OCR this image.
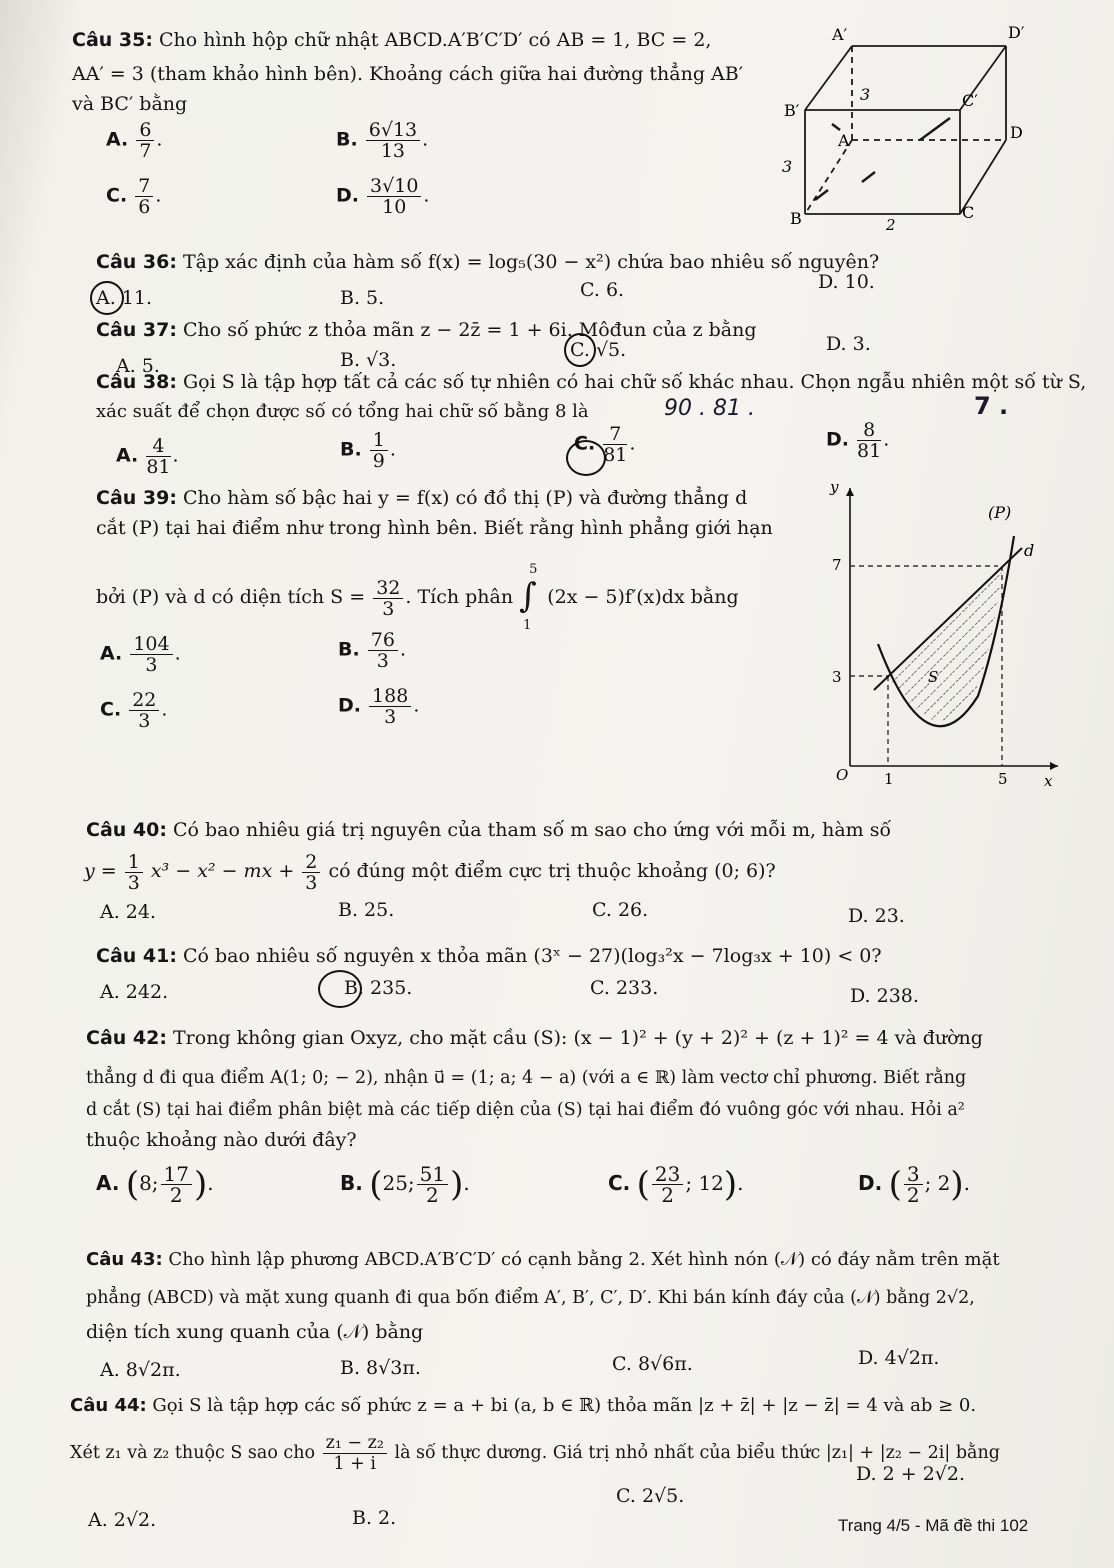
Câu 35: Cho hình hộp chữ nhật ABCD.A′B′C′D′ có AB = 1, BC = 2,
AA′ = 3 (tham khảo hình bên). Khoảng cách giữa hai đường thẳng AB′
và BC′ bằng
A. $\frac{6}{7}$ .	B. $\frac{6√13}{13}$ .
C. $\frac{7}{6}$ .	D. $\frac{3√10}{10}$ .
A′	D′
B′
C′
A	D
B	C
3
3
2
Câu 36: Tập xác định của hàm số f(x) = log₅(30 − x²) chứa bao nhiêu số nguyên?
A. 11.	B. 5.	C. 6.	D. 10.
Câu 37: Cho số phức z thỏa mãn z − 2z̄ = 1 + 6i. Môđun của z bằng
A. 5.	B. √3.	C. √5.	D. 3.
Câu 38: Gọi S là tập hợp tất cả các số tự nhiên có hai chữ số khác nhau. Chọn ngẫu nhiên một số từ S,
xác suất để chọn được số có tổng hai chữ số bằng 8 là	90 . 81 .	7 .
A. $\frac{4}{81}$ .	B. $\frac{1}{9}$ .	C. $\frac{7}{81}$ .	D. $\frac{8}{81}$ .
Câu 39: Cho hàm số bậc hai y = f(x) có đồ thị (P) và đường thẳng d
cắt (P) tại hai điểm như trong hình bên. Biết rằng hình phẳng giới hạn
bởi (P) và d có diện tích $S = \frac{32}{3}$ . Tích phân ∫
5
1
(2x − 5)f′(x)dx bằng
A. $\frac{104}{3}$ .	B. $\frac{76}{3}$ .
C. $\frac{22}{3}$ .	D. $\frac{188}{3}$ .
y
x
O
(P)
d
S
7
3
1	5
Câu 40: Có bao nhiêu giá trị nguyên của tham số m sao cho ứng với mỗi m, hàm số
$y = \frac{1}{3} x^3 - x^2$ − mx + $\frac{2}{3}$ có đúng một điểm cực trị thuộc khoảng (0; 6)?
A. 24.	B. 25.	C. 26.	D. 23.
Câu 41: Có bao nhiêu số nguyên x thỏa mãn (3ˣ − 27)(log₃²x − 7log₃x + 10) < 0?
A. 242.	B. 235.	C. 233.	D. 238.
Câu 42: Trong không gian Oxyz, cho mặt cầu (S): (x − 1)² + (y + 2)² + (z + 1)² = 4 và đường
thẳng d đi qua điểm A(1; 0; − 2), nhận u⃗ = (1; a; 4 − a) (với a ∈ ℝ) làm vectơ chỉ phương. Biết rằng
d cắt (S) tại hai điểm phân biệt mà các tiếp diện của (S) tại hai điểm đó vuông góc với nhau. Hỏi a²
thuộc khoảng nào dưới đây?
A. (8; $\frac{17}{2}$ ).	B. (25; $\frac{51}{2}$ ).	C. ( $\frac{23}{2}$ ; 12).	D. ( $\frac{3}{2}$ ; 2).
Câu 43: Cho hình lập phương ABCD.A′B′C′D′ có cạnh bằng 2. Xét hình nón (𝒩) có đáy nằm trên mặt
phẳng (ABCD) và mặt xung quanh đi qua bốn điểm A′, B′, C′, D′. Khi bán kính đáy của (𝒩) bằng 2√2,
diện tích xung quanh của (𝒩) bằng
A. 8√2π.	B. 8√3π.	C. 8√6π.	D. 4√2π.
Câu 44: Gọi S là tập hợp các số phức z = a + bi (a, b ∈ ℝ) thỏa mãn |z + z̄| + |z − z̄| = 4 và ab ≥ 0.
Xét z₁ và z₂ thuộc S sao cho $\frac{\text{z₁ − z₂}}{1 + i}$ là số thực dương. Giá trị nhỏ nhất của biểu thức |z₁| + |z₂ − 2i| bằng
A. 2√2.	B. 2.
C. 2√5.
D. 2 + 2√2.
Trang 4/5 - Mã đề thi 102
